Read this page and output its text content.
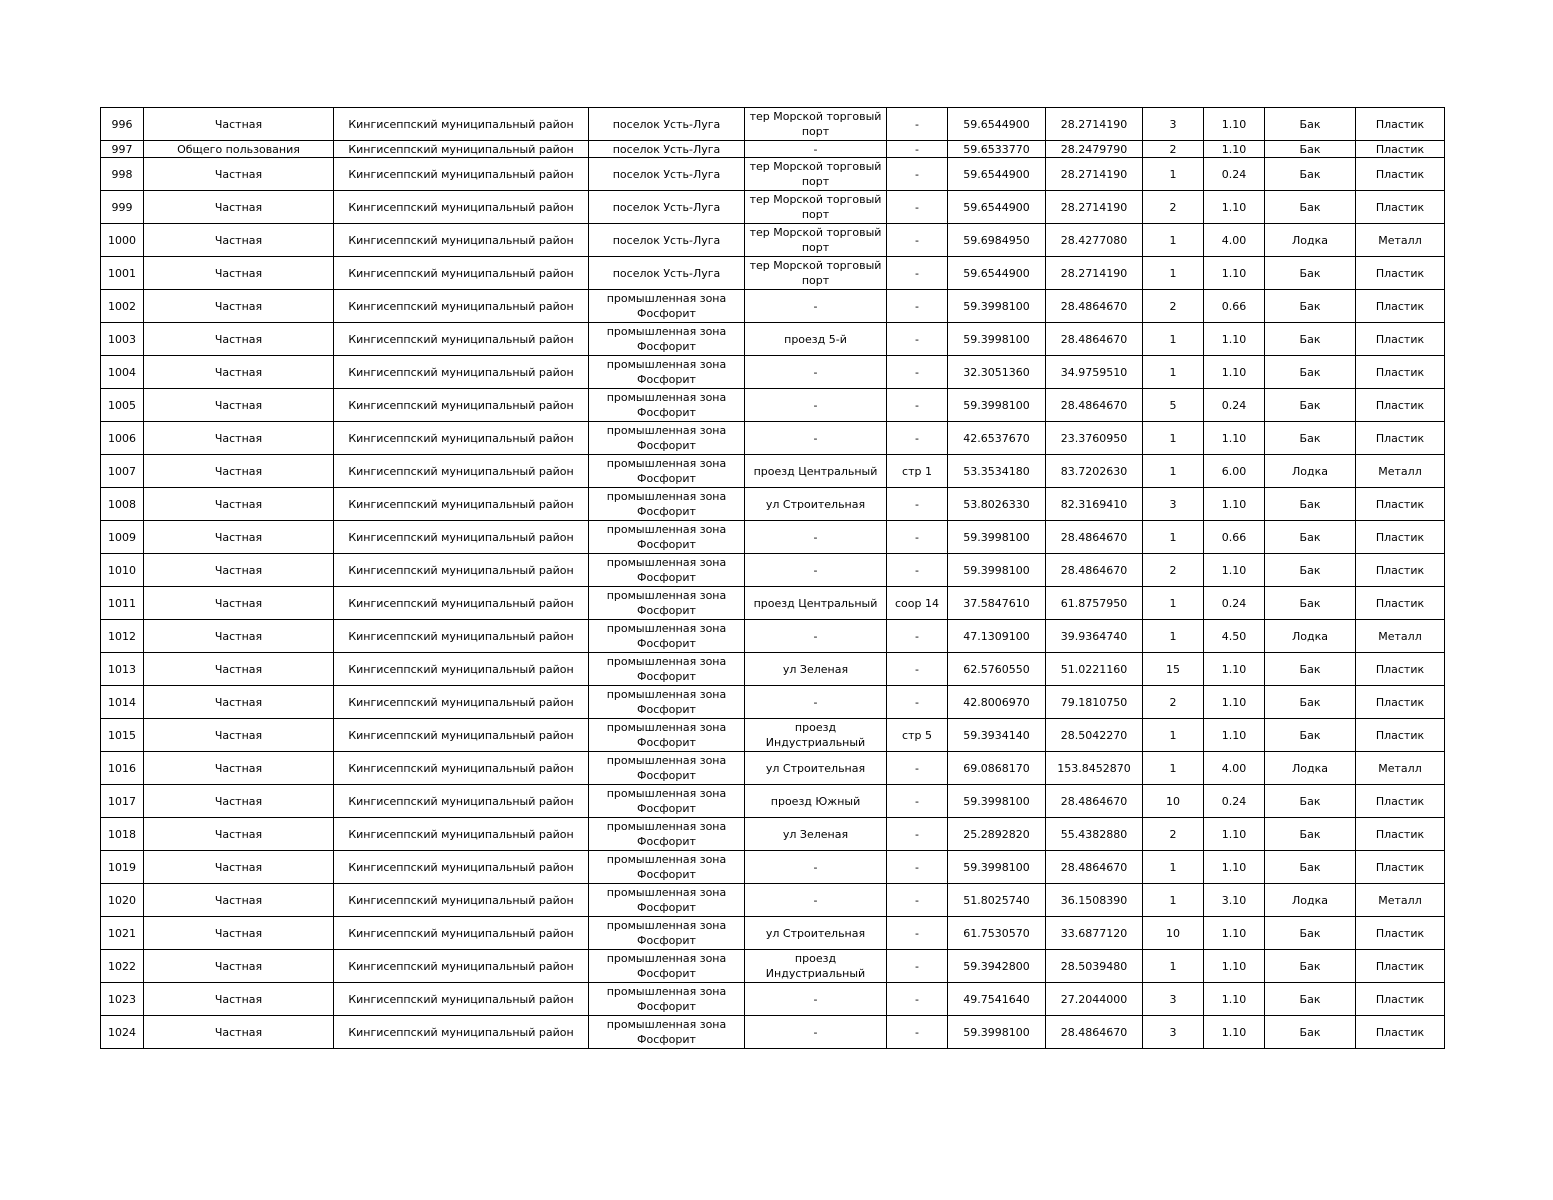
996	Частная	Кингисеппский муниципальный район	поселок Усть-Луга	тер Морской торговый порт	-	59.6544900	28.2714190	3	1.10	Бак	Пластик
997	Общего пользования	Кингисеппский муниципальный район	поселок Усть-Луга	-	-	59.6533770	28.2479790	2	1.10	Бак	Пластик
998	Частная	Кингисеппский муниципальный район	поселок Усть-Луга	тер Морской торговый порт	-	59.6544900	28.2714190	1	0.24	Бак	Пластик
999	Частная	Кингисеппский муниципальный район	поселок Усть-Луга	тер Морской торговый порт	-	59.6544900	28.2714190	2	1.10	Бак	Пластик
1000	Частная	Кингисеппский муниципальный район	поселок Усть-Луга	тер Морской торговый порт	-	59.6984950	28.4277080	1	4.00	Лодка	Металл
1001	Частная	Кингисеппский муниципальный район	поселок Усть-Луга	тер Морской торговый порт	-	59.6544900	28.2714190	1	1.10	Бак	Пластик
1002	Частная	Кингисеппский муниципальный район	промышленная зона Фосфорит	-	-	59.3998100	28.4864670	2	0.66	Бак	Пластик
1003	Частная	Кингисеппский муниципальный район	промышленная зона Фосфорит	проезд 5-й	-	59.3998100	28.4864670	1	1.10	Бак	Пластик
1004	Частная	Кингисеппский муниципальный район	промышленная зона Фосфорит	-	-	32.3051360	34.9759510	1	1.10	Бак	Пластик
1005	Частная	Кингисеппский муниципальный район	промышленная зона Фосфорит	-	-	59.3998100	28.4864670	5	0.24	Бак	Пластик
1006	Частная	Кингисеппский муниципальный район	промышленная зона Фосфорит	-	-	42.6537670	23.3760950	1	1.10	Бак	Пластик
1007	Частная	Кингисеппский муниципальный район	промышленная зона Фосфорит	проезд Центральный	стр 1	53.3534180	83.7202630	1	6.00	Лодка	Металл
1008	Частная	Кингисеппский муниципальный район	промышленная зона Фосфорит	ул Строительная	-	53.8026330	82.3169410	3	1.10	Бак	Пластик
1009	Частная	Кингисеппский муниципальный район	промышленная зона Фосфорит	-	-	59.3998100	28.4864670	1	0.66	Бак	Пластик
1010	Частная	Кингисеппский муниципальный район	промышленная зона Фосфорит	-	-	59.3998100	28.4864670	2	1.10	Бак	Пластик
1011	Частная	Кингисеппский муниципальный район	промышленная зона Фосфорит	проезд Центральный	соор 14	37.5847610	61.8757950	1	0.24	Бак	Пластик
1012	Частная	Кингисеппский муниципальный район	промышленная зона Фосфорит	-	-	47.1309100	39.9364740	1	4.50	Лодка	Металл
1013	Частная	Кингисеппский муниципальный район	промышленная зона Фосфорит	ул Зеленая	-	62.5760550	51.0221160	15	1.10	Бак	Пластик
1014	Частная	Кингисеппский муниципальный район	промышленная зона Фосфорит	-	-	42.8006970	79.1810750	2	1.10	Бак	Пластик
1015	Частная	Кингисеппский муниципальный район	промышленная зона Фосфорит	проезд Индустриальный	стр 5	59.3934140	28.5042270	1	1.10	Бак	Пластик
1016	Частная	Кингисеппский муниципальный район	промышленная зона Фосфорит	ул Строительная	-	69.0868170	153.8452870	1	4.00	Лодка	Металл
1017	Частная	Кингисеппский муниципальный район	промышленная зона Фосфорит	проезд Южный	-	59.3998100	28.4864670	10	0.24	Бак	Пластик
1018	Частная	Кингисеппский муниципальный район	промышленная зона Фосфорит	ул Зеленая	-	25.2892820	55.4382880	2	1.10	Бак	Пластик
1019	Частная	Кингисеппский муниципальный район	промышленная зона Фосфорит	-	-	59.3998100	28.4864670	1	1.10	Бак	Пластик
1020	Частная	Кингисеппский муниципальный район	промышленная зона Фосфорит	-	-	51.8025740	36.1508390	1	3.10	Лодка	Металл
1021	Частная	Кингисеппский муниципальный район	промышленная зона Фосфорит	ул Строительная	-	61.7530570	33.6877120	10	1.10	Бак	Пластик
1022	Частная	Кингисеппский муниципальный район	промышленная зона Фосфорит	проезд Индустриальный	-	59.3942800	28.5039480	1	1.10	Бак	Пластик
1023	Частная	Кингисеппский муниципальный район	промышленная зона Фосфорит	-	-	49.7541640	27.2044000	3	1.10	Бак	Пластик
1024	Частная	Кингисеппский муниципальный район	промышленная зона Фосфорит	-	-	59.3998100	28.4864670	3	1.10	Бак	Пластик
